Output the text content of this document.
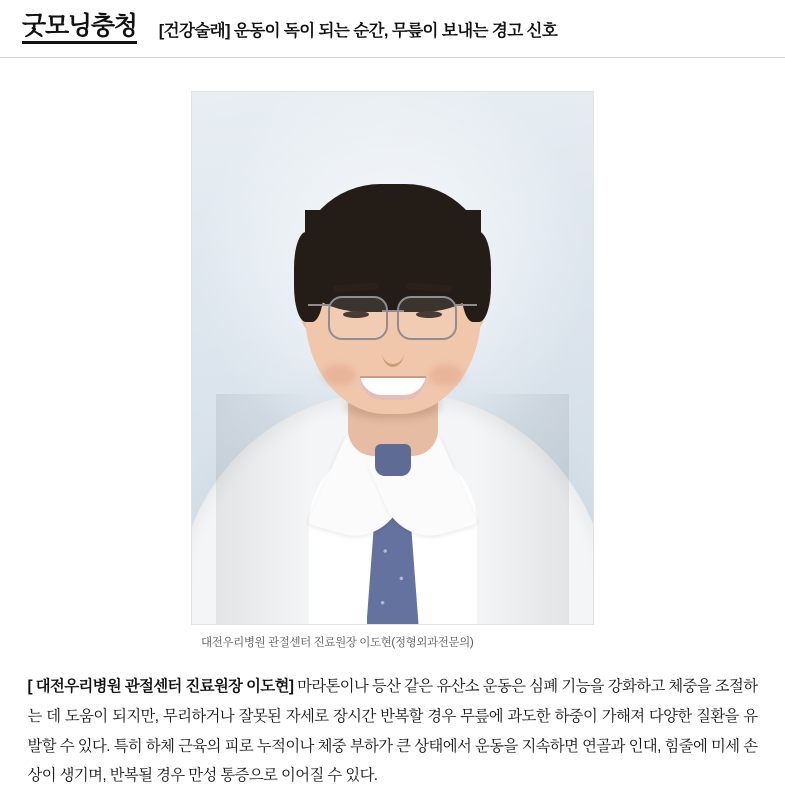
굿모닝충청 [건강술래] 운동이 독이 되는 순간, 무릎이 보내는 경고 신호
대전우리병원 관절센터 진료원장 이도현(정형외과전문의)
[ 대전우리병원 관절센터 진료원장 이도현] 마라톤이나 등산 같은 유산소 운동은 심폐 기능을 강화하고 체중을 조절하는 데 도움이 되지만, 무리하거나 잘못된 자세로 장시간 반복할 경우 무릎에 과도한 하중이 가해져 다양한 질환을 유발할 수 있다. 특히 하체 근육의 피로 누적이나 체중 부하가 큰 상태에서 운동을 지속하면 연골과 인대, 힘줄에 미세 손상이 생기며, 반복될 경우 만성 통증으로 이어질 수 있다.
